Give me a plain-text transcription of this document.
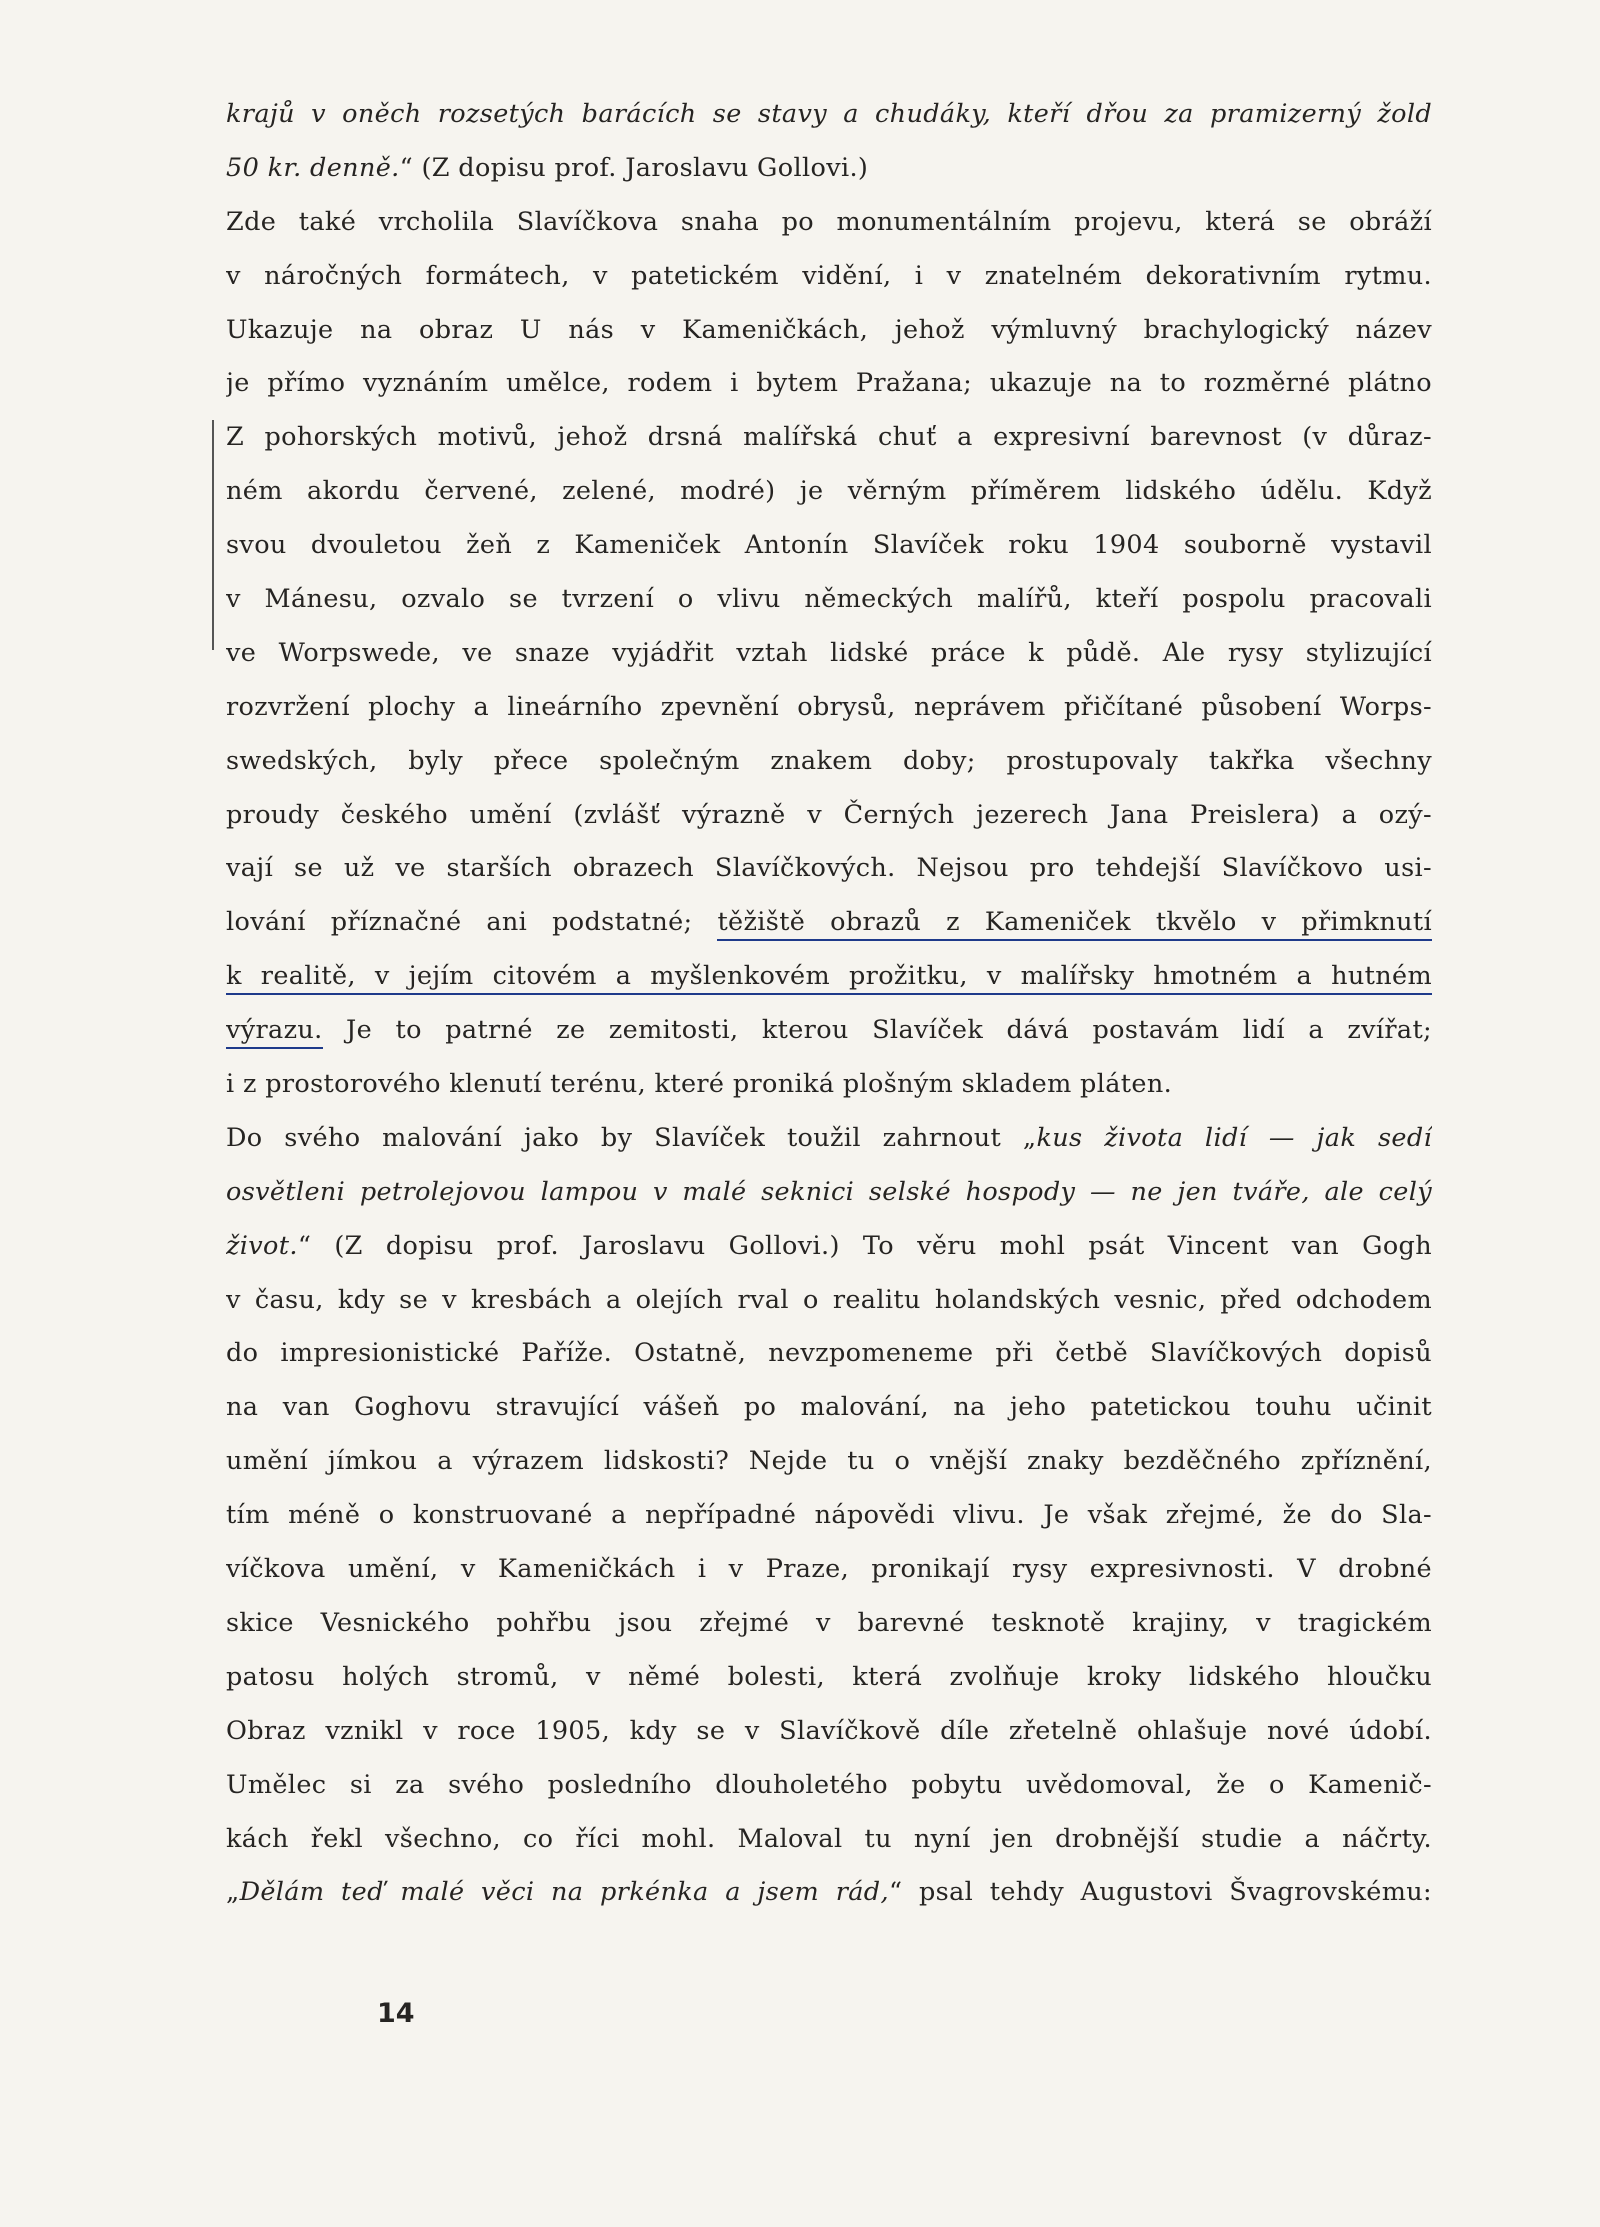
krajů v oněch rozsetých barácích se stavy a chudáky, kteří dřou za pramizerný žold
50 kr. denně.“ (Z dopisu prof. Jaroslavu Gollovi.)
Zde také vrcholila Slavíčkova snaha po monumentálním projevu, která se obráží
v náročných formátech, v patetickém vidění, i v znatelném dekorativním rytmu.
Ukazuje na obraz U nás v Kameničkách, jehož výmluvný brachylogický název
je přímo vyznáním umělce, rodem i bytem Pražana; ukazuje na to rozměrné plátno
Z pohorských motivů, jehož drsná malířská chuť a expresivní barevnost (v důraz-
ném akordu červené, zelené, modré) je věrným příměrem lidského údělu. Když
svou dvouletou žeň z Kameniček Antonín Slavíček roku 1904 souborně vystavil
v Mánesu, ozvalo se tvrzení o vlivu německých malířů, kteří pospolu pracovali
ve Worpswede, ve snaze vyjádřit vztah lidské práce k půdě. Ale rysy stylizující
rozvržení plochy a lineárního zpevnění obrysů, neprávem přičítané působení Worps-
swedských, byly přece společným znakem doby; prostupovaly takřka všechny
proudy českého umění (zvlášť výrazně v Černých jezerech Jana Preislera) a ozý-
vají se už ve starších obrazech Slavíčkových. Nejsou pro tehdejší Slavíčkovo usi-
lování příznačné ani podstatné; těžiště obrazů z Kameniček tkvělo v přimknutí
k realitě, v jejím citovém a myšlenkovém prožitku, v malířsky hmotném a hutném
výrazu. Je to patrné ze zemitosti, kterou Slavíček dává postavám lidí a zvířat;
i z prostorového klenutí terénu, které proniká plošným skladem pláten.
Do svého malování jako by Slavíček toužil zahrnout „kus života lidí — jak sedí
osvětleni petrolejovou lampou v malé seknici selské hospody — ne jen tváře, ale celý
život.“ (Z dopisu prof. Jaroslavu Gollovi.) To věru mohl psát Vincent van Gogh
v času, kdy se v kresbách a olejích rval o realitu holandských vesnic, před odchodem
do impresionistické Paříže. Ostatně, nevzpomeneme při četbě Slavíčkových dopisů
na van Goghovu stravující vášeň po malování, na jeho patetickou touhu učinit
umění jímkou a výrazem lidskosti? Nejde tu o vnější znaky bezděčného zpříznění,
tím méně o konstruované a nepřípadné nápovědi vlivu. Je však zřejmé, že do Sla-
víčkova umění, v Kameničkách i v Praze, pronikají rysy expresivnosti. V drobné
skice Vesnického pohřbu jsou zřejmé v barevné tesknotě krajiny, v tragickém
patosu holých stromů, v němé bolesti, která zvolňuje kroky lidského hloučku
Obraz vznikl v roce 1905, kdy se v Slavíčkově díle zřetelně ohlašuje nové údobí.
Umělec si za svého posledního dlouholetého pobytu uvědomoval, že o Kamenič-
kách řekl všechno, co říci mohl. Maloval tu nyní jen drobnější studie a náčrty.
„Dělám teď malé věci na prkénka a jsem rád,“ psal tehdy Augustovi Švagrovskému:
14
